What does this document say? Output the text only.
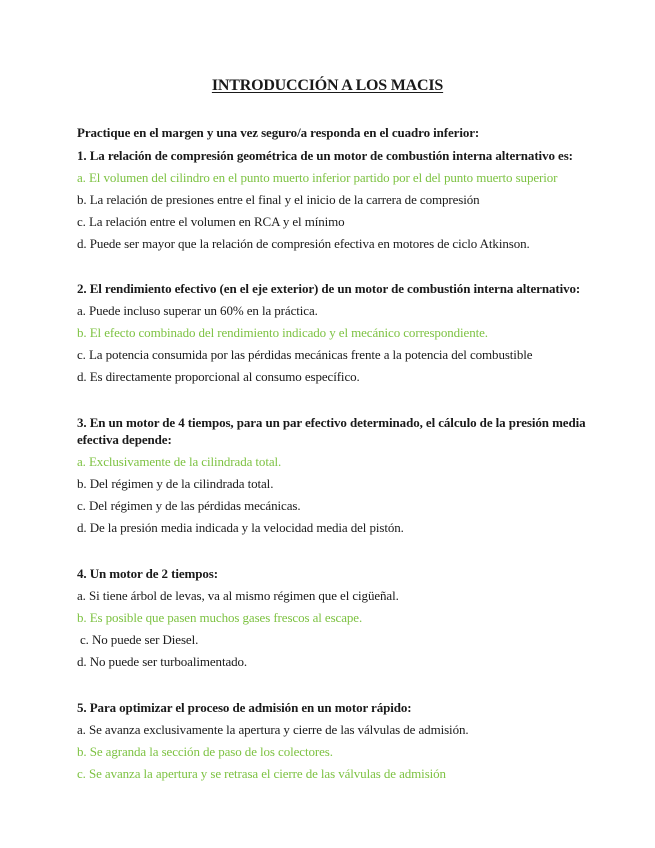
INTRODUCCIÓN A LOS MACIS
Practique en el margen y una vez seguro/a responda en el cuadro inferior:
1. La relación de compresión geométrica de un motor de combustión interna alternativo es:
a. El volumen del cilindro en el punto muerto inferior partido por el del punto muerto superior
b. La relación de presiones entre el final y el inicio de la carrera de compresión
c. La relación entre el volumen en RCA y el mínimo
d. Puede ser mayor que la relación de compresión efectiva en motores de ciclo Atkinson.
2. El rendimiento efectivo (en el eje exterior) de un motor de combustión interna alternativo:
a. Puede incluso superar un 60% en la práctica.
b. El efecto combinado del rendimiento indicado y el mecánico correspondiente.
c. La potencia consumida por las pérdidas mecánicas frente a la potencia del combustible
d. Es directamente proporcional al consumo específico.
3. En un motor de 4 tiempos, para un par efectivo determinado, el cálculo de la presión media
efectiva depende:
a. Exclusivamente de la cilindrada total.
b. Del régimen y de la cilindrada total.
c. Del régimen y de las pérdidas mecánicas.
d. De la presión media indicada y la velocidad media del pistón.
4. Un motor de 2 tiempos:
a. Si tiene árbol de levas, va al mismo régimen que el cigüeñal.
b. Es posible que pasen muchos gases frescos al escape.
c. No puede ser Diesel.
d. No puede ser turboalimentado.
5. Para optimizar el proceso de admisión en un motor rápido:
a. Se avanza exclusivamente la apertura y cierre de las válvulas de admisión.
b. Se agranda la sección de paso de los colectores.
c. Se avanza la apertura y se retrasa el cierre de las válvulas de admisión
